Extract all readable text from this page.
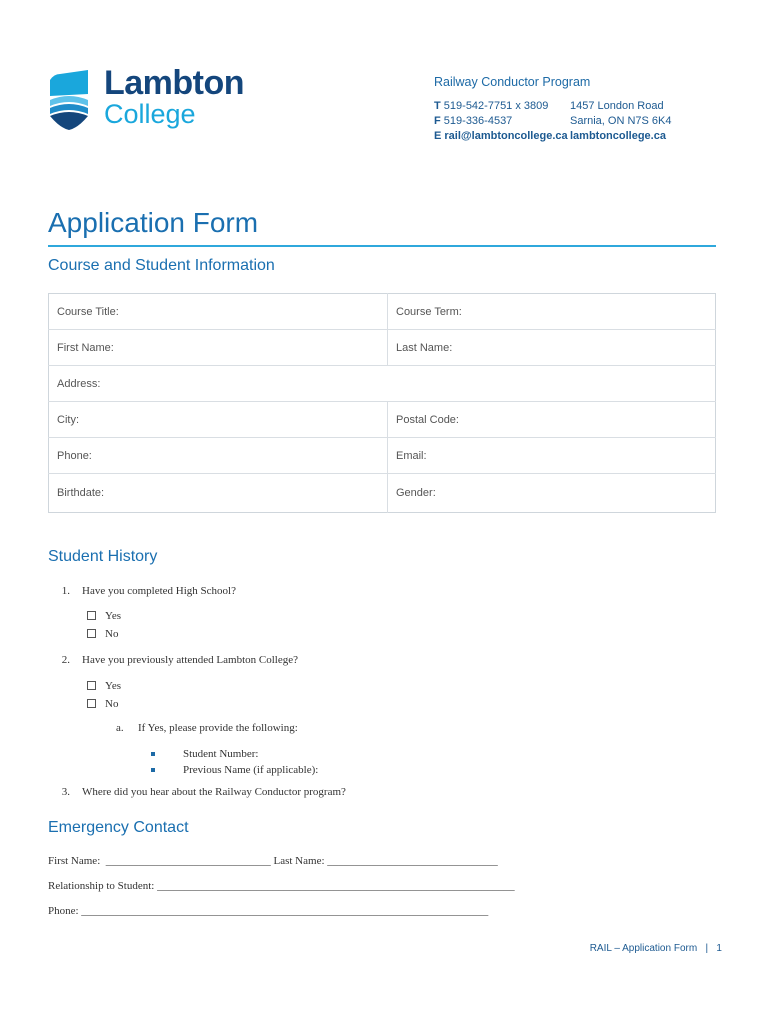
Lambton
College
Railway Conductor Program
T 519-542-7751 x 3809	1457 London Road
F 519-336-4537	Sarnia, ON N7S 6K4
E rail@lambtoncollege.ca lambtoncollege.ca
Application Form
Course and Student Information
Course Title:	Course Term:
First Name:	Last Name:
Address:	
City:	Postal Code:
Phone:	Email:
Birthdate:	Gender:
Student History
1. Have you completed High School?
Yes
No
2. Have you previously attended Lambton College?
Yes
No
a. If Yes, please provide the following:
Student Number:
Previous Name (if applicable):
3. Where did you hear about the Railway Conductor program?
Emergency Contact
First Name:  ______________________________ Last Name: _______________________________
Relationship to Student: _________________________________________________________________
Phone: __________________________________________________________________________
RAIL – Application Form   |   1
